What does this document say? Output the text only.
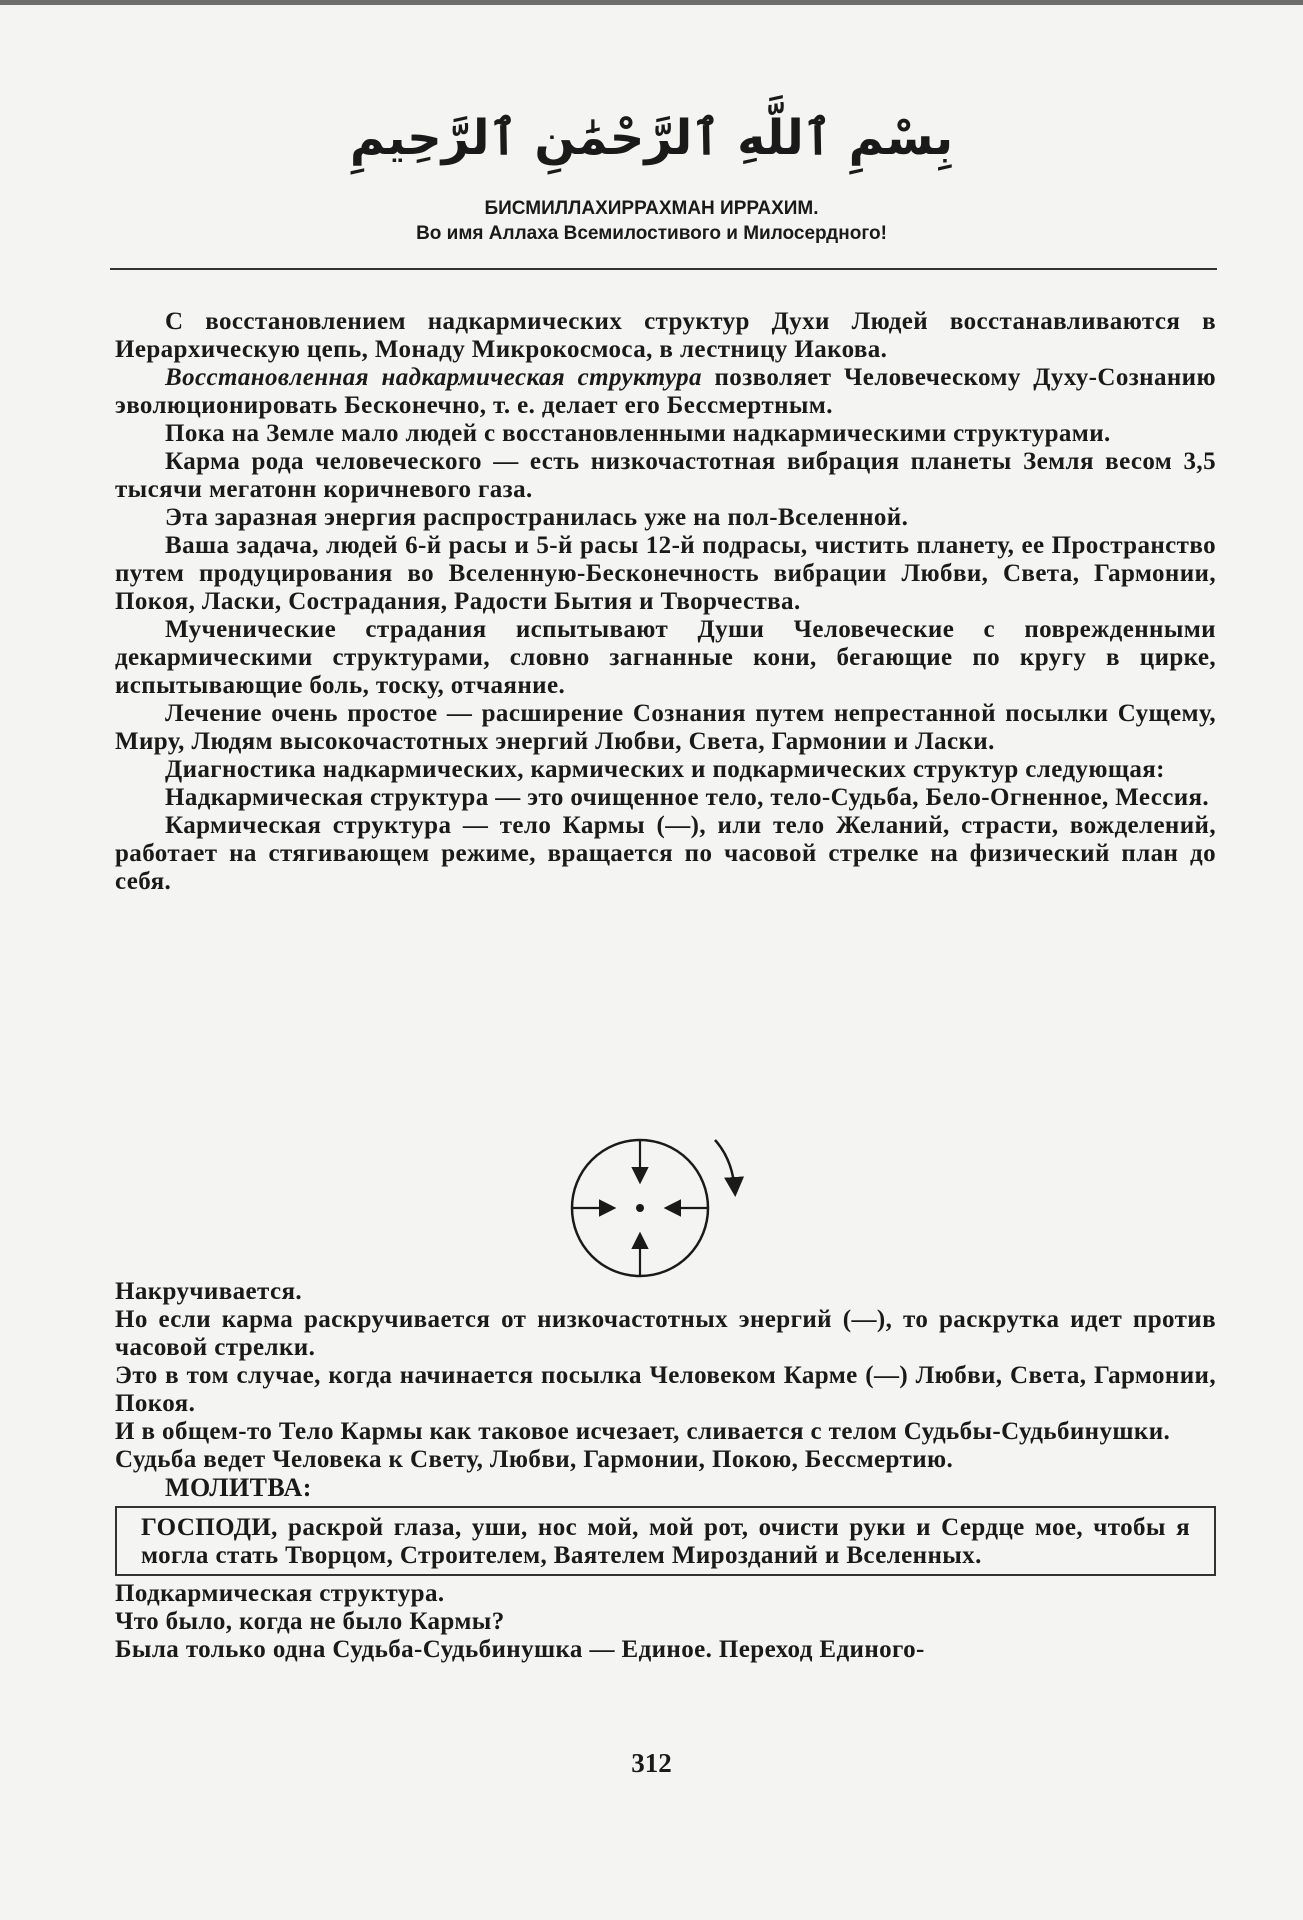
بِسْمِ ٱللَّهِ ٱلرَّحْمَٰنِ ٱلرَّحِيمِ
БИСМИЛЛАХИРРАХМАН ИРРАХИМ.
Во имя Аллаха Всемилостивого и Милосердного!

С восстановлением надкармических структур Духи Людей восстанавливаются в Иерархическую цепь, Монаду Микрокосмоса, в лестницу Иакова.

Восстановленная надкармическая структура позволяет Человеческому Духу-Сознанию эволюционировать Бесконечно, т. е. делает его Бессмертным.

Пока на Земле мало людей с восстановленными надкармическими структурами.

Карма рода человеческого — есть низкочастотная вибрация планеты Земля весом 3,5 тысячи мегатонн коричневого газа.

Эта заразная энергия распространилась уже на пол-Вселенной.

Ваша задача, людей 6-й расы и 5-й расы 12-й подрасы, чистить планету, ее Пространство путем продуцирования во Вселенную-Бесконечность вибрации Любви, Света, Гармонии, Покоя, Ласки, Сострадания, Радости Бытия и Творчества.

Мученические страдания испытывают Души Человеческие с поврежденными декармическими структурами, словно загнанные кони, бегающие по кругу в цирке, испытывающие боль, тоску, отчаяние.

Лечение очень простое — расширение Сознания путем непрестанной посылки Сущему, Миру, Людям высокочастотных энергий Любви, Света, Гармонии и Ласки.

Диагностика надкармических, кармических и подкармических структур следующая:

Надкармическая структура — это очищенное тело, тело-Судьба, Бело-Огненное, Мессия.

Кармическая структура — тело Кармы (—), или тело Желаний, страсти, вожделений, работает на стягивающем режиме, вращается по часовой стрелке на физический план до себя.

Накручивается.

Но если карма раскручивается от низкочастотных энергий (—), то раскрутка идет против часовой стрелки.

Это в том случае, когда начинается посылка Человеком Карме (—) Любви, Света, Гармонии, Покоя.

И в общем-то Тело Кармы как таковое исчезает, сливается с телом Судьбы-Судьбинушки.

Судьба ведет Человека к Свету, Любви, Гармонии, Покою, Бессмертию.

МОЛИТВА:

ГОСПОДИ, раскрой глаза, уши, нос мой, мой рот, очисти руки и Сердце мое, чтобы я могла стать Творцом, Строителем, Ваятелем Мирозданий и Вселенных.

Подкармическая структура.

Что было, когда не было Кармы?

Была только одна Судьба-Судьбинушка — Единое. Переход Единого-

312
